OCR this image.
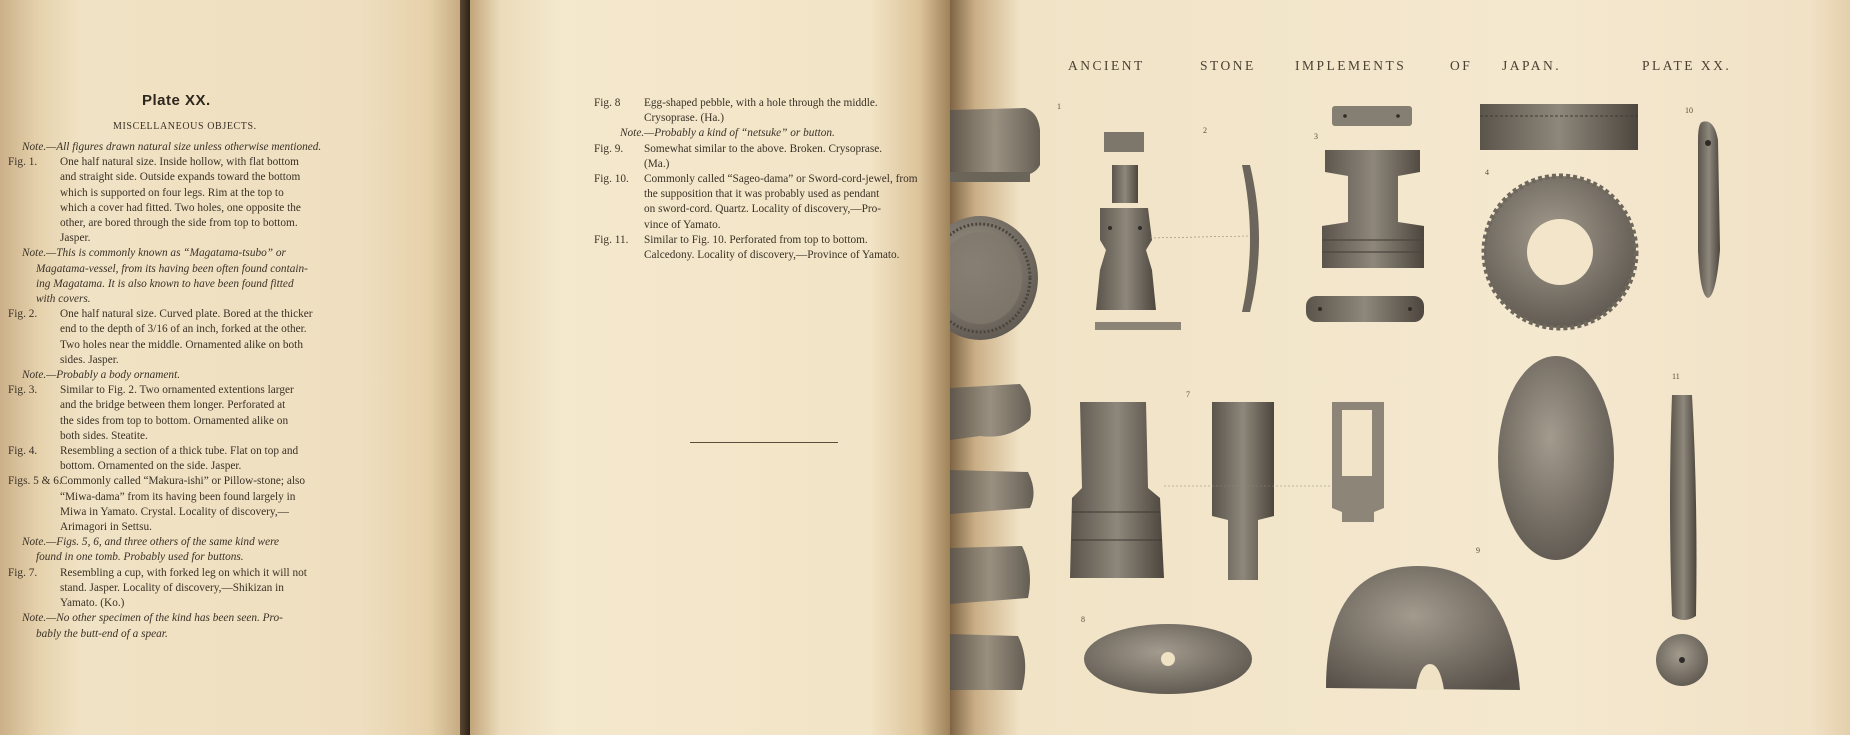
Plate XX.
MISCELLANEOUS OBJECTS.
Note.—All figures drawn natural size unless otherwise mentioned.
Fig. 1.	One half natural size. Inside hollow, with flat bottom
and straight side. Outside expands toward the bottom
which is supported on four legs. Rim at the top to
which a cover had fitted. Two holes, one opposite the
other, are bored through the side from top to bottom.
Jasper.
Note.—This is commonly known as “Magatama-tsubo” or
Magatama-vessel, from its having been often found contain-
ing Magatama. It is also known to have been found fitted
with covers.
Fig. 2.	One half natural size. Curved plate. Bored at the thicker
end to the depth of 3/16 of an inch, forked at the other.
Two holes near the middle. Ornamented alike on both
sides. Jasper.
Note.—Probably a body ornament.
Fig. 3.	Similar to Fig. 2. Two ornamented extentions larger
and the bridge between them longer. Perforated at
the sides from top to bottom. Ornamented alike on
both sides. Steatite.
Fig. 4.	Resembling a section of a thick tube. Flat on top and
bottom. Ornamented on the side. Jasper.
Figs. 5 & 6.
Commonly called “Makura-ishi” or Pillow-stone; also
“Miwa-dama” from its having been found largely in
Miwa in Yamato. Crystal. Locality of discovery,—
Arimagori in Settsu.
Note.—Figs. 5, 6, and three others of the same kind were
found in one tomb. Probably used for buttons.
Fig. 7.	Resembling a cup, with forked leg on which it will not
stand. Jasper. Locality of discovery,—Shikizan in
Yamato. (Ko.)
Note.—No other specimen of the kind has been seen. Pro-
bably the butt-end of a spear.
Fig. 8	Egg-shaped pebble, with a hole through the middle.
Crysoprase. (Ha.)
Note.—Probably a kind of “netsuke” or button.
Fig. 9.	Somewhat similar to the above. Broken. Crysoprase.
(Ma.)
Fig. 10.	Commonly called “Sageo-dama” or Sword-cord-jewel, from
the supposition that it was probably used as pendant
on sword-cord. Quartz. Locality of discovery,—Pro-
vince of Yamato.
Fig. 11.	Similar to Fig. 10. Perforated from top to bottom.
Calcedony. Locality of discovery,—Province of Yamato.
ANCIENT	STONE	IMPLEMENTS	OF JAPAN.	PLATE XX.
1
2
3
4
10
7
11
8
9
